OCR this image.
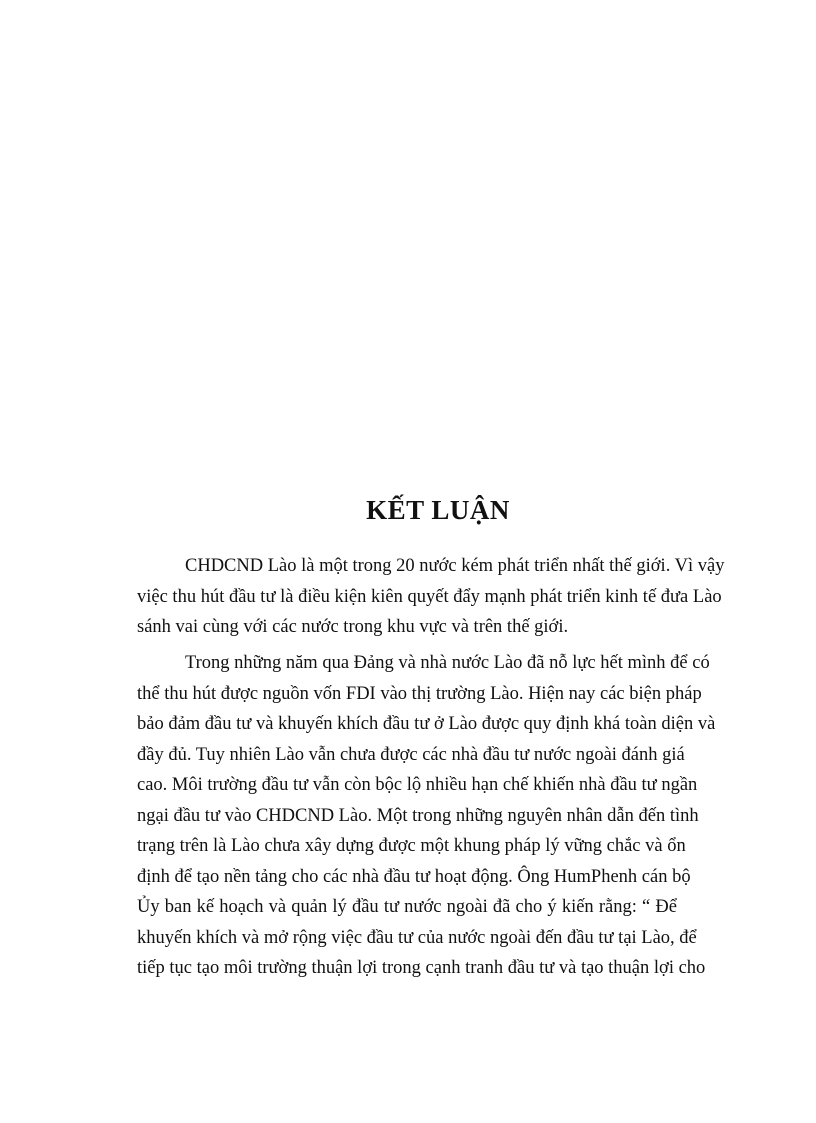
KẾT LUẬN
CHDCND Lào là một trong 20 nước kém phát triển nhất thế giới. Vì vậy
việc thu hút đầu tư là điều kiện kiên quyết đẩy mạnh phát triển kinh tế đưa Lào
sánh vai cùng với các nước trong khu vực và trên thế giới.
Trong những năm qua Đảng và nhà nước Lào đã nỗ lực hết mình để có
thể thu hút được nguồn vốn FDI vào thị trường Lào. Hiện nay các biện pháp
bảo đảm đầu tư và khuyến khích đầu tư ở Lào được quy định khá toàn diện và
đầy đủ. Tuy nhiên Lào vẫn chưa được các nhà đầu tư nước ngoài đánh giá
cao. Môi trường đầu tư vẫn còn bộc lộ nhiều hạn chế khiến nhà đầu tư ngần
ngại đầu tư vào CHDCND Lào. Một trong những nguyên nhân dẫn đến tình
trạng trên là Lào chưa xây dựng được một khung pháp lý vững chắc và ổn
định để tạo nền tảng cho các nhà đầu tư hoạt động. Ông HumPhenh cán bộ
Ủy ban kế hoạch và quản lý đầu tư nước ngoài đã cho ý kiến rằng: “ Để
khuyến khích và mở rộng việc đầu tư của nước ngoài đến đầu tư tại Lào, để
tiếp tục tạo môi trường thuận lợi trong cạnh tranh đầu tư và tạo thuận lợi cho
